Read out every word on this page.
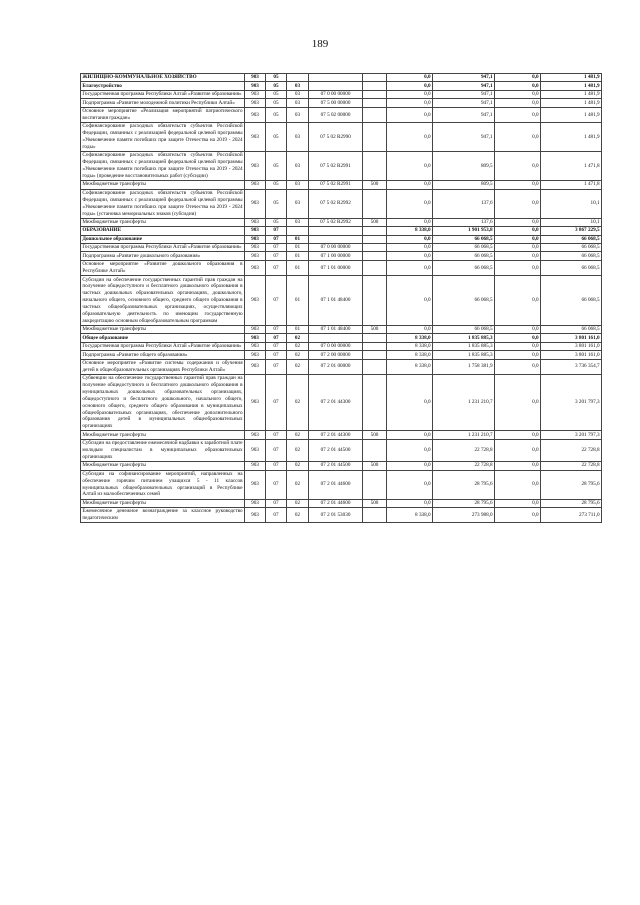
189
ЖИЛИЩНО-КОММУНАЛЬНОЕ ХОЗЯЙСТВО	903	05				0,0	947,1	0,0	1 481,9
Благоустройство	903	05	03			0,0	947,1	0,0	1 481,9
Государственная программа Республики Алтай «Развитие образования»	903	05	03	07 0 00 00000		0,0	947,1	0,0	1 481,9
Подпрограмма «Развитие молодежной политики Республики Алтай»	903	05	03	07 5 00 00000		0,0	947,1	0,0	1 481,9
Основное мероприятие «Реализация мероприятий патриотического воспитания граждан»	903	05	03	07 5 02 00000		0,0	947,1	0,0	1 481,9
Софинансирование расходных обязательств субъектов Российской Федерации, связанных с реализацией федеральной целевой программы «Увековечение памяти погибших при защите Отечества на 2019 - 2024 годы»	903	05	03	07 5 02 R2990		0,0	947,1	0,0	1 481,9
Софинансирование расходных обязательств субъектов Российской Федерации, связанных с реализацией федеральной целевой программы «Увековечение памяти погибших при защите Отечества на 2019 - 2024 годы» (проведение восстановительных работ (субсидии)	903	05	03	07 5 02 R2991		0,0	809,5	0,0	1 471,8
Межбюджетные трансферты	903	05	03	07 5 02 R2991	500	0,0	809,5	0,0	1 471,8
Софинансирование расходных обязательств субъектов Российской Федерации, связанных с реализацией федеральной целевой программы «Увековечение памяти погибших при защите Отечества на 2019 - 2024 годы» (установка мемориальных знаков (субсидии)	903	05	03	07 5 02 R2992		0,0	137,6	0,0	10,1
Межбюджетные трансферты	903	05	03	07 5 02 R2992	500	0,0	137,6	0,0	10,1
ОБРАЗОВАНИЕ	903	07				8 338,0	1 901 953,8	0,0	3 867 229,5
Дошкольное образование	903	07	01			0,0	66 068,5	0,0	66 068,5
Государственная программа Республики Алтай «Развитие образования»	903	07	01	07 0 00 00000		0,0	66 068,5	0,0	66 068,5
Подпрограмма «Развитие дошкольного образования»	903	07	01	07 1 00 00000		0,0	66 068,5	0,0	66 068,5
Основное мероприятие «Развитие дошкольного образования в Республике Алтай»	903	07	01	07 1 01 00000		0,0	66 068,5	0,0	66 068,5
Субсидии на обеспечение государственных гарантий прав граждан на получение общедоступного и бесплатного дошкольного образования в частных дошкольных образовательных организациях, дошкольного, начального общего, основного общего, среднего общего образования в частных общеобразовательных организациях, осуществляющих образовательную деятельность по имеющим государственную аккредитацию основным общеобразовательным программам	903	07	01	07 1 01 48400		0,0	66 068,5	0,0	66 068,5
Межбюджетные трансферты	903	07	01	07 1 01 48400	500	0,0	66 068,5	0,0	66 068,5
Общее образование	903	07	02			8 338,0	1 835 885,3	0,0	3 801 161,0
Государственная программа Республики Алтай «Развитие образования»	903	07	02	07 0 00 00000		8 338,0	1 835 885,3	0,0	3 801 161,0
Подпрограмма «Развитие общего образования»	903	07	02	07 2 00 00000		8 338,0	1 835 885,3	0,0	3 801 161,0
Основное мероприятие «Развитие системы содержания и обучения детей в общеобразовательных организациях Республики Алтай»	903	07	02	07 2 01 00000		8 338,0	1 758 381,9	0,0	3 736 354,7
Субвенции на обеспечение государственных гарантий прав граждан на получение общедоступного и бесплатного дошкольного образования в муниципальных дошкольных образовательных организациях, общедоступного и бесплатного дошкольного, начального общего, основного общего, среднего общего образования в муниципальных общеобразовательных организациях, обеспечение дополнительного образования детей в муниципальных общеобразовательных организациях	903	07	02	07 2 01 44300		0,0	1 231 210,7	0,0	3 201 797,3
Межбюджетные трансферты	903	07	02	07 2 01 44300	500	0,0	1 231 210,7	0,0	3 201 797,3
Субсидии на предоставление ежемесячной надбавки к заработной плате молодым специалистам в муниципальных образовательных организациях	903	07	02	07 2 01 44500		0,0	22 728,8	0,0	22 728,8
Межбюджетные трансферты	903	07	02	07 2 01 44500	500	0,0	22 728,8	0,0	22 728,8
Субсидии на софинансирование мероприятий, направленных на обеспечение горячим питанием учащихся 5 - 11 классов муниципальных общеобразовательных организаций в Республике Алтай из малообеспеченных семей	903	07	02	07 2 01 44600		0,0	28 795,6	0,0	28 795,6
Межбюджетные трансферты	903	07	02	07 2 01 44600	500	0,0	28 795,6	0,0	28 795,6
Ежемесячное денежное вознаграждение за классное руководство педагогическим	903	07	02	07 2 01 53030		8 338,0	273 988,0	0,0	273 711,0
